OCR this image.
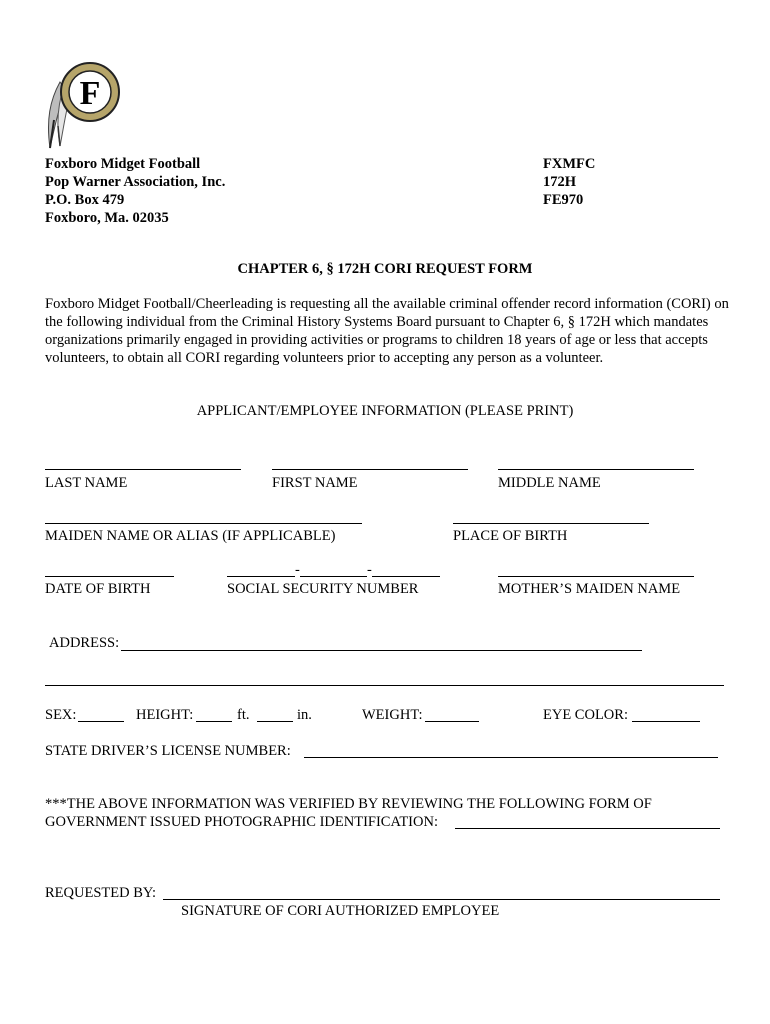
F
Foxboro Midget Football
Pop Warner Association, Inc.
P.O. Box 479
Foxboro, Ma. 02035
FXMFC
172H
FE970
CHAPTER 6, § 172H CORI REQUEST FORM
Foxboro Midget Football/Cheerleading is requesting all the available criminal offender record information (CORI) on the following individual from the Criminal History Systems Board pursuant to Chapter 6, § 172H which mandates organizations primarily engaged in providing activities or programs to children 18 years of age or less that accepts volunteers, to obtain all CORI regarding volunteers prior to accepting any person as a volunteer.
APPLICANT/EMPLOYEE INFORMATION (PLEASE PRINT)
LAST NAME	FIRST NAME	MIDDLE NAME
MAIDEN NAME OR ALIAS (IF APPLICABLE)	PLACE OF BIRTH
-	-
DATE OF BIRTH	SOCIAL SECURITY NUMBER	MOTHER’S MAIDEN NAME
ADDRESS:
SEX:	HEIGHT:	ft.	in.	WEIGHT:	EYE COLOR:
STATE DRIVER’S LICENSE NUMBER:
***THE ABOVE INFORMATION WAS VERIFIED BY REVIEWING THE FOLLOWING FORM OF
GOVERNMENT ISSUED PHOTOGRAPHIC IDENTIFICATION:
REQUESTED BY:
SIGNATURE OF CORI AUTHORIZED EMPLOYEE
